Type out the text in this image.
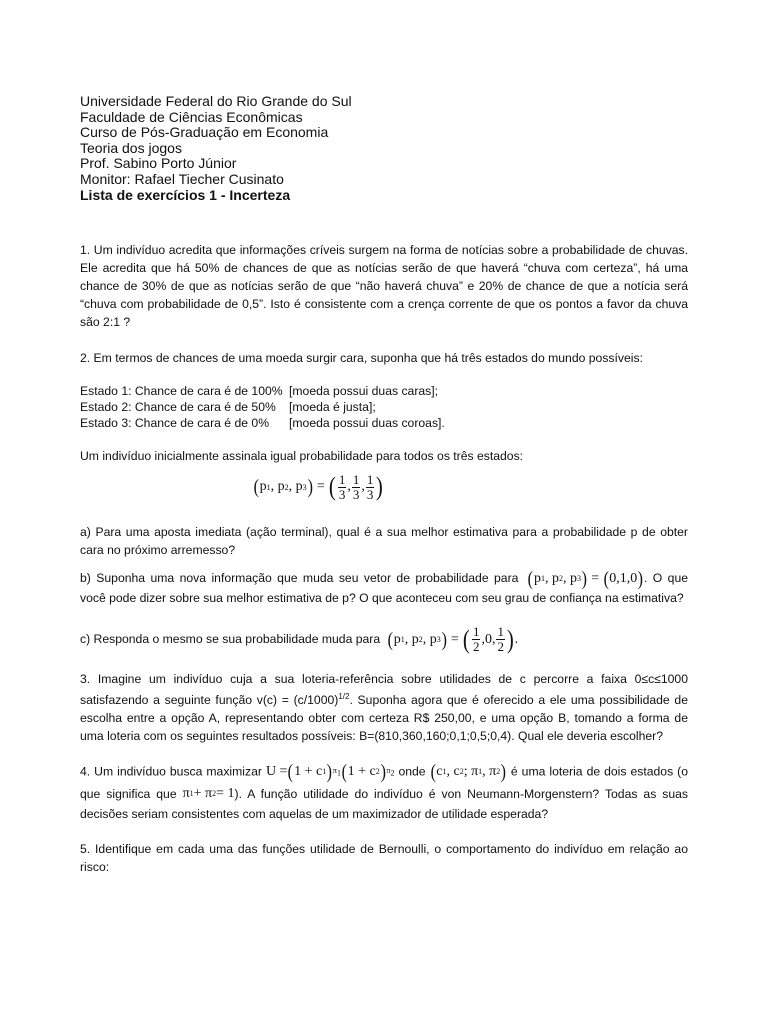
Universidade Federal do Rio Grande do Sul
Faculdade de Ciências Econômicas
Curso de Pós-Graduação em Economia
Teoria dos jogos
Prof. Sabino Porto Júnior
Monitor: Rafael Tiecher Cusinato
Lista de exercícios 1 - Incerteza

1. Um indivíduo acredita que informações críveis surgem na forma de notícias sobre a probabilidade de chuvas. Ele acredita que há 50% de chances de que as notícias serão de que haverá “chuva com certeza”, há uma chance de 30% de que as notícias serão de que “não haverá chuva” e 20% de chance de que a notícia será “chuva com probabilidade de 0,5”. Isto é consistente com a crença corrente de que os pontos a favor da chuva são 2:1 ?

2. Em termos de chances de uma moeda surgir cara, suponha que há três estados do mundo possíveis:

Estado 1: Chance de cara é de 100% [moeda possui duas caras];
Estado 2: Chance de cara é de 50%	[moeda é justa];
Estado 3: Chance de cara é de 0%	[moeda possui duas coroas].

Um indivíduo inicialmente assinala igual probabilidade para todos os três estados:

( p 1 , p 2 , p 3 ) = ( $\frac{1}{3}$ , $\frac{1}{3}$ , $\frac{1}{3}$ )

a) Para uma aposta imediata (ação terminal), qual é a sua melhor estimativa para a probabilidade p de obter cara no próximo arremesso?

b) Suponha uma nova informação que muda seu vetor de probabilidade para ( p 1 , p 2 , p 3 ) = ( 0,1,0 ) . O que você pode dizer sobre sua melhor estimativa de p? O que aconteceu com seu grau de confiança na estimativa?

c) Responda o mesmo se sua probabilidade muda para ( p 1 , p 2 , p 3 ) = ( $\frac{1}{2} ,0$, $\frac{1}{2}$ ) .

3. Imagine um indivíduo cuja a sua loteria-referência sobre utilidades de c percorre a faixa 0≤c≤1000 satisfazendo a seguinte função $v(c) = (c/1000)^{1/2}$. Suponha agora que é oferecido a ele uma possibilidade de escolha entre a opção A, representando obter com certeza R$ 250,00, e uma opção B, tomando a forma de uma loteria com os seguintes resultados possíveis: B=(810,360,160;0,1;0,5;0,4). Qual ele deveria escolher?

4. Um indivíduo busca maximizar U = ( 1 + c 1 ) $\pi_1$ ( 1 + c 2 ) $\pi_2$ onde ( c 1 , c 2 ; π 1 , π 2 ) é uma loteria de dois estados (o que significa que π 1 + π 2 = 1). A função utilidade do indivíduo é von Neumann-Morgenstern? Todas as suas decisões seriam consistentes com aquelas de um maximizador de utilidade esperada?

5. Identifique em cada uma das funções utilidade de Bernoulli, o comportamento do indivíduo em relação ao risco:
